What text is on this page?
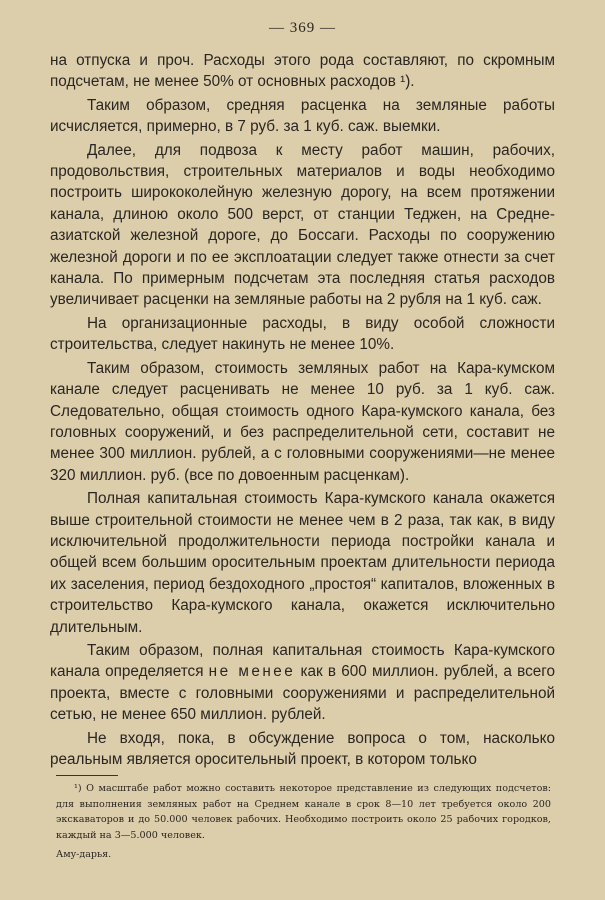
— 369 —

на отпуска и проч. Расходы этого рода составляют, по скромным подсчетам, не менее 50% от основных расходов ¹).

Таким образом, средняя расценка на земляные работы исчисляется, примерно, в 7 руб. за 1 куб. саж. выемки.

Далее, для подвоза к месту работ машин, рабочих, продовольствия, строительных материалов и воды необходимо построить ширококолейную железную дорогу, на всем протяжении канала, длиною около 500 верст, от станции Теджен, на Средне-азиатской железной дороге, до Боссаги. Расходы по сооружению железной дороги и по ее эксплоатации следует также отнести за счет канала. По примерным подсчетам эта последняя статья расходов увеличивает расценки на земляные работы на 2 рубля на 1 куб. саж.

На организационные расходы, в виду особой сложности строительства, следует накинуть не менее 10%.

Таким образом, стоимость земляных работ на Кара-кумском канале следует расценивать не менее 10 руб. за 1 куб. саж. Следовательно, общая стоимость одного Кара-кумского канала, без головных сооружений, и без распределительной сети, составит не менее 300 миллион. рублей, а с головными сооружениями—не менее 320 миллион. руб. (все по довоенным расценкам).

Полная капитальная стоимость Кара-кумского канала окажется выше строительной стоимости не менее чем в 2 раза, так как, в виду исключительной продолжительности периода постройки канала и общей всем большим оросительным проектам длительности периода их заселения, период бездоходного „простоя“ капиталов, вложенных в строительство Кара-кумского канала, окажется исключительно длительным.

Таким образом, полная капитальная стоимость Кара-кумского канала определяется не менее как в 600 миллион. рублей, а всего проекта, вместе с головными сооружениями и распределительной сетью, не менее 650 миллион. рублей.

Не входя, пока, в обсуждение вопроса о том, насколько реальным является оросительный проект, в котором только

¹) О масштабе работ можно составить некоторое представление из следующих подсчетов: для выполнения земляных работ на Среднем канале в срок 8—10 лет требуется около 200 экскаваторов и до 50.000 человек рабочих. Необходимо построить около 25 рабочих городков, каждый на 3—5.000 человек.
Аму-дарья.
